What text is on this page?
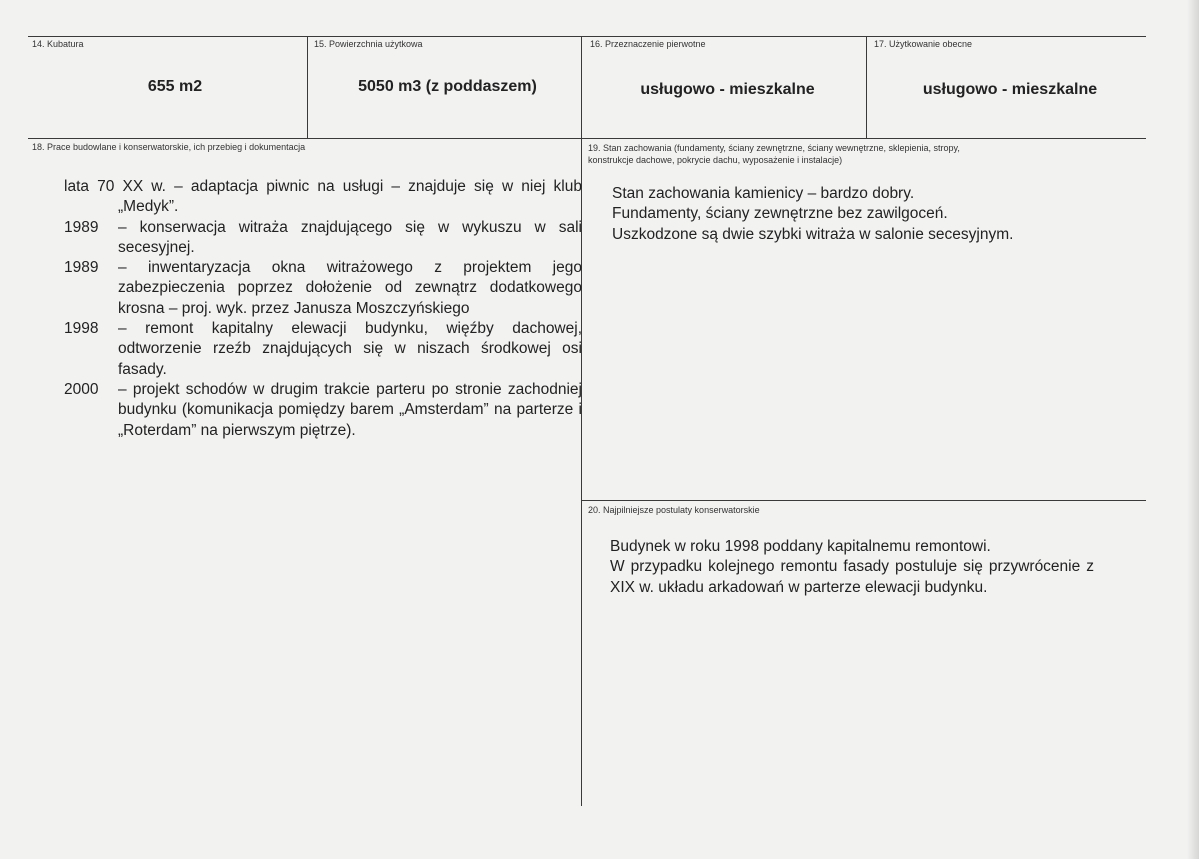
14. Kubatura
655 m2
15. Powierzchnia użytkowa
5050 m3 (z poddaszem)
16. Przeznaczenie pierwotne
usługowo - mieszkalne
17. Użytkowanie obecne
usługowo - mieszkalne
18. Prace budowlane i konserwatorskie, ich przebieg i dokumentacja
lata 70 XX w. – adaptacja piwnic na usługi – znajduje się w niej klub „Medyk”.
1989	– konserwacja witraża znajdującego się w wykuszu w sali secesyjnej.
1989	– inwentaryzacja okna witrażowego z projektem jego zabezpieczenia poprzez dołożenie od zewnątrz dodatkowego krosna – proj. wyk. przez Janusza Moszczyńskiego
1998	– remont kapitalny elewacji budynku, więźby dachowej, odtworzenie rzeźb znajdujących się w niszach środkowej osi fasady.
2000	– projekt schodów w drugim trakcie parteru po stronie zachodniej budynku (komunikacja pomiędzy barem „Amsterdam” na parterze i „Roterdam” na pierwszym piętrze).
19. Stan zachowania (fundamenty, ściany zewnętrzne, ściany wewnętrzne, sklepienia, stropy,
konstrukcje dachowe, pokrycie dachu, wyposażenie i instalacje)
Stan zachowania kamienicy – bardzo dobry.
Fundamenty, ściany zewnętrzne bez zawilgoceń.
Uszkodzone są dwie szybki witraża w salonie secesyjnym.
20. Najpilniejsze postulaty konserwatorskie
Budynek w roku 1998 poddany kapitalnemu remontowi.
W przypadku kolejnego remontu fasady postuluje się przywrócenie z XIX w. układu arkadowań w parterze elewacji budynku.
